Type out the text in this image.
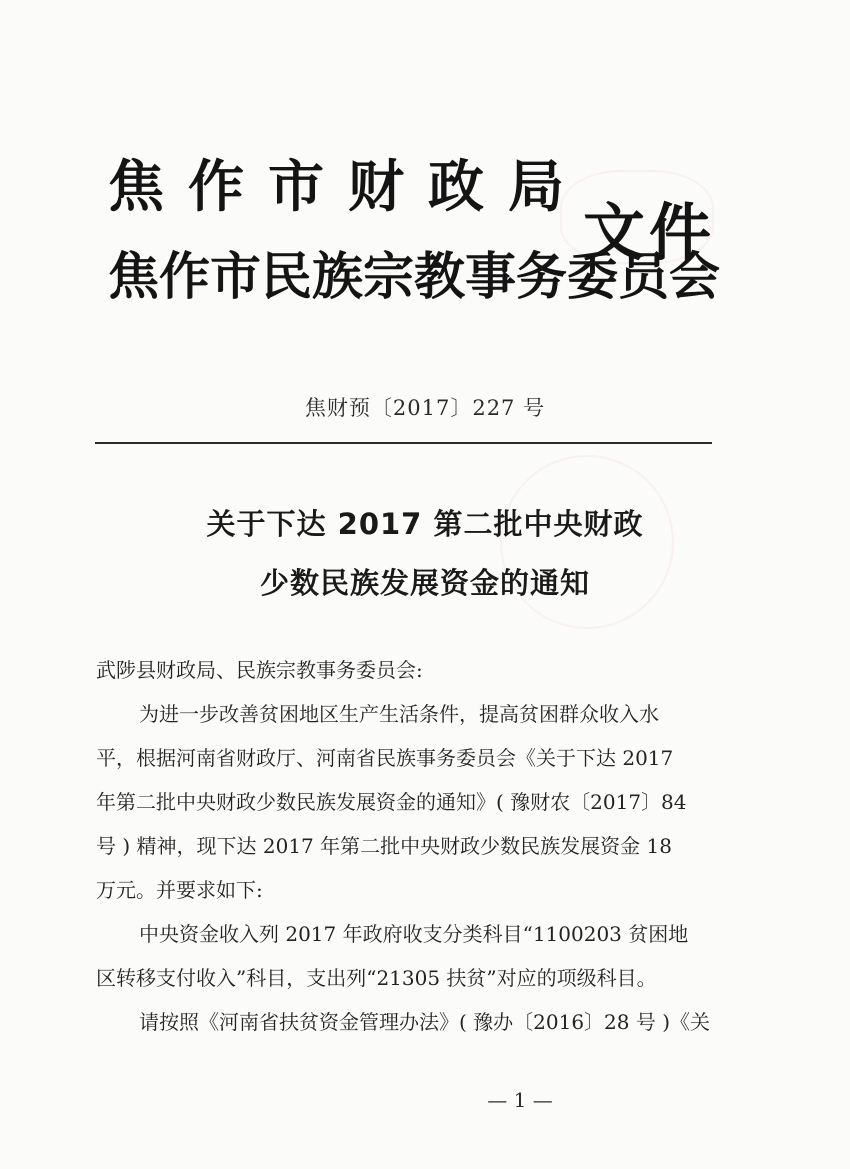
焦作市财政局
焦作市民族宗教事务委员会
文件
焦财预〔2017〕227 号
关于下达 2017 第二批中央财政
少数民族发展资金的通知
武陟县财政局、民族宗教事务委员会:
为进一步改善贫困地区生产生活条件，提高贫困群众收入水
平，根据河南省财政厅、河南省民族事务委员会《关于下达 2017
年第二批中央财政少数民族发展资金的通知》( 豫财农〔2017〕84
号 ) 精神，现下达 2017 年第二批中央财政少数民族发展资金 18
万元。并要求如下:
中央资金收入列 2017 年政府收支分类科目“1100203 贫困地
区转移支付收入”科目，支出列“21305 扶贫”对应的项级科目。
请按照《河南省扶贫资金管理办法》( 豫办〔2016〕28 号 )《关
— 1 —
